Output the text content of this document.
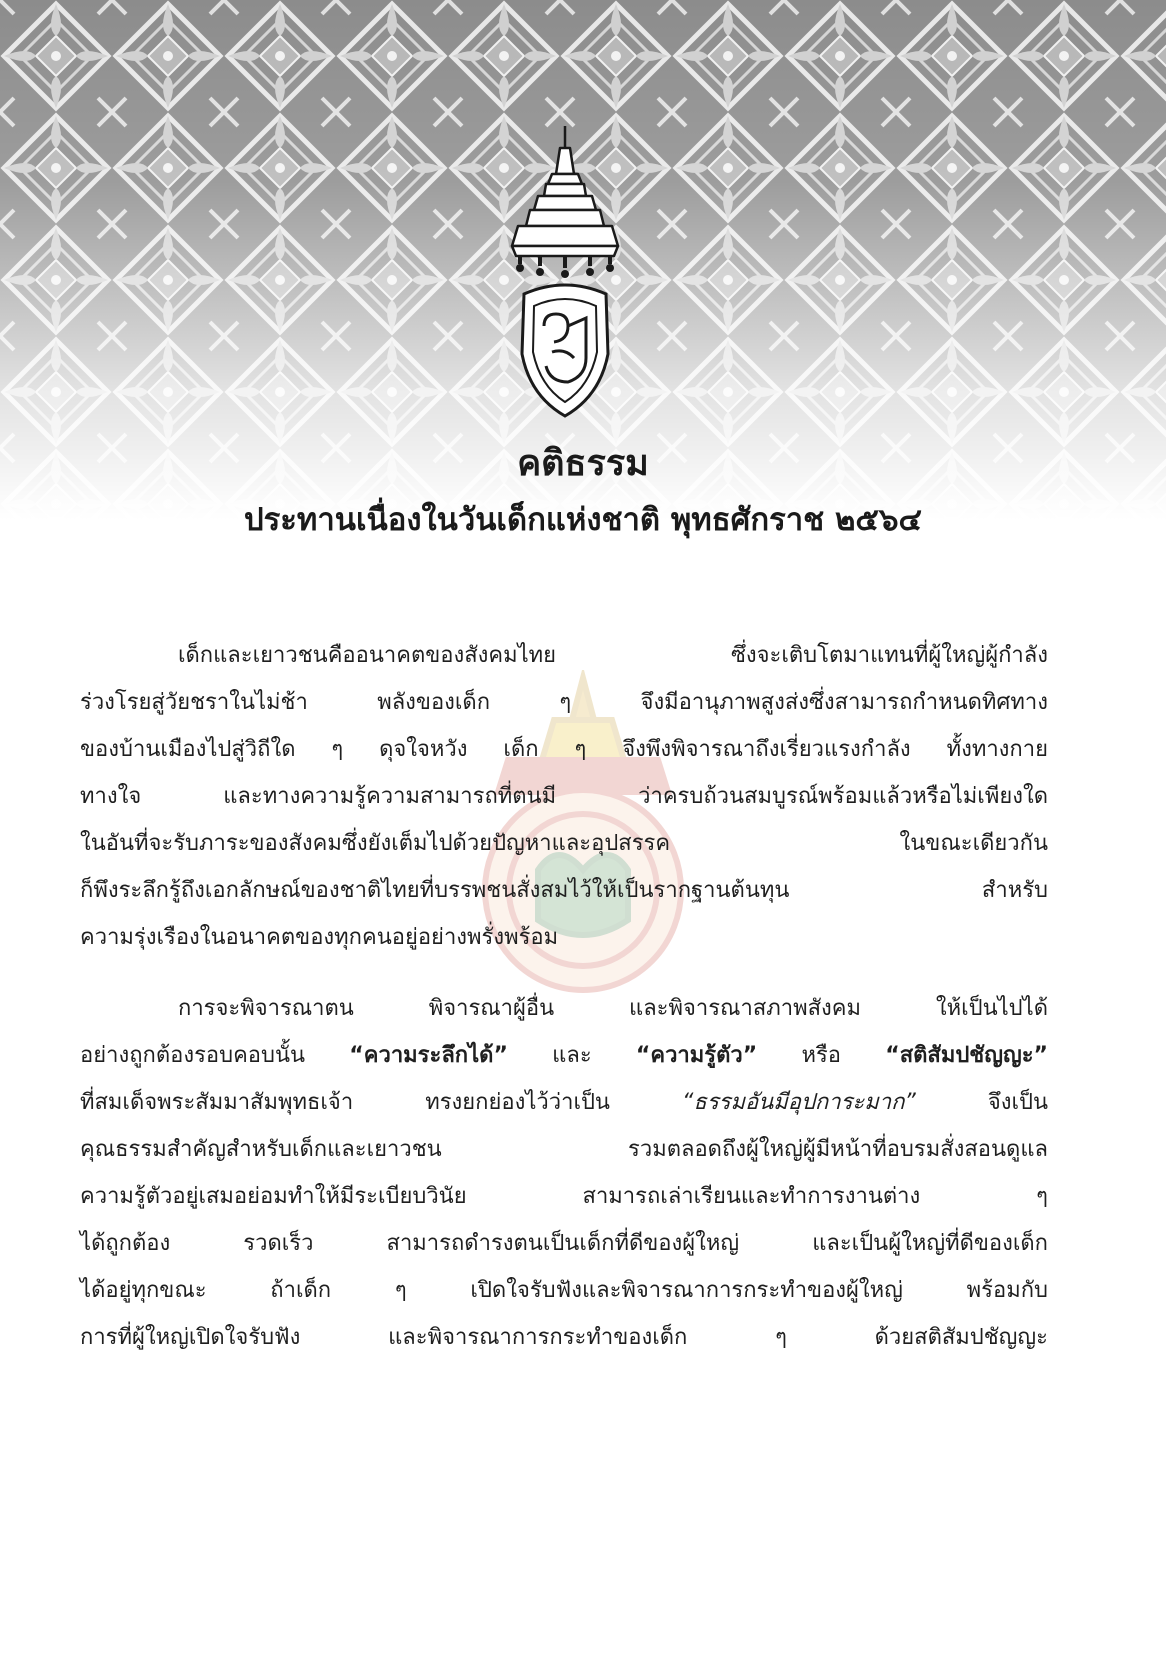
คติธรรม
ประทานเนื่องในวันเด็กแห่งชาติ พุทธศักราช ๒๕๖๔
เด็กและเยาวชนคืออนาคตของสังคมไทย ซึ่งจะเติบโตมาแทนที่ผู้ใหญ่ผู้กำลัง
ร่วงโรยสู่วัยชราในไม่ช้า พลังของเด็ก ๆ จึงมีอานุภาพสูงส่งซึ่งสามารถกำหนดทิศทาง
ของบ้านเมืองไปสู่วิถีใด ๆ ดุจใจหวัง เด็ก ๆ จึงพึงพิจารณาถึงเรี่ยวแรงกำลัง ทั้งทางกาย
ทางใจ และทางความรู้ความสามารถที่ตนมี ว่าครบถ้วนสมบูรณ์พร้อมแล้วหรือไม่เพียงใด
ในอันที่จะรับภาระของสังคมซึ่งยังเต็มไปด้วยปัญหาและอุปสรรค ในขณะเดียวกัน
ก็พึงระลึกรู้ถึงเอกลักษณ์ของชาติไทยที่บรรพชนสั่งสมไว้ให้เป็นรากฐานต้นทุน สำหรับ
ความรุ่งเรืองในอนาคตของทุกคนอยู่อย่างพรั่งพร้อม
การจะพิจารณาตน พิจารณาผู้อื่น และพิจารณาสภาพสังคม ให้เป็นไปได้
อย่างถูกต้องรอบคอบนั้น “ความระลึกได้” และ “ความรู้ตัว” หรือ “สติสัมปชัญญะ”
ที่สมเด็จพระสัมมาสัมพุทธเจ้า ทรงยกย่องไว้ว่าเป็น “ธรรมอันมีอุปการะมาก” จึงเป็น
คุณธรรมสำคัญสำหรับเด็กและเยาวชน รวมตลอดถึงผู้ใหญ่ผู้มีหน้าที่อบรมสั่งสอนดูแล
ความรู้ตัวอยู่เสมอย่อมทำให้มีระเบียบวินัย สามารถเล่าเรียนและทำการงานต่าง ๆ
ได้ถูกต้อง รวดเร็ว สามารถดำรงตนเป็นเด็กที่ดีของผู้ใหญ่ และเป็นผู้ใหญ่ที่ดีของเด็ก
ได้อยู่ทุกขณะ ถ้าเด็ก ๆ เปิดใจรับฟังและพิจารณาการกระทำของผู้ใหญ่ พร้อมกับ
การที่ผู้ใหญ่เปิดใจรับฟัง และพิจารณาการกระทำของเด็ก ๆ ด้วยสติสัมปชัญญะ
